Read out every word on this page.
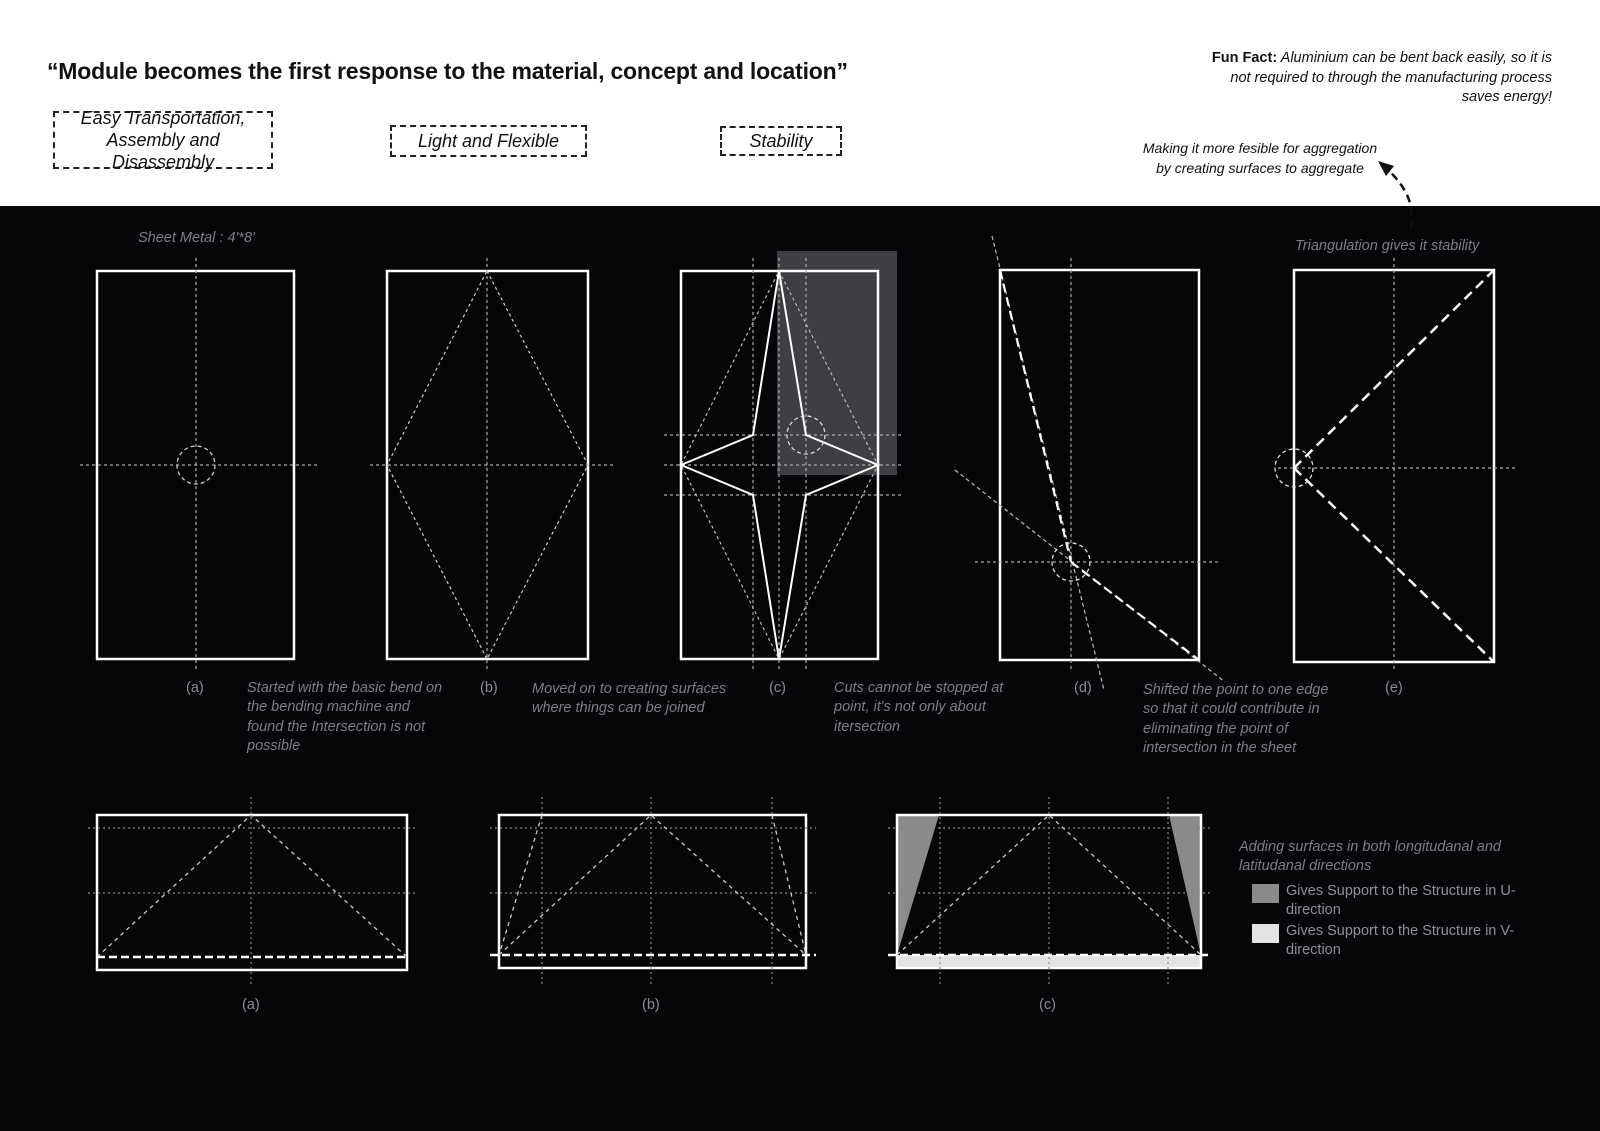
“Module becomes the first response to the material, concept and location”
Easy Transportation, Assembly and Disassembly
Light and Flexible	Stability

Fun Fact: Aluminium can be bent back easily, so it is not required to through the manufacturing process saves energy!

Making it more fesible for aggregation by creating surfaces to aggregate

Sheet Metal : 4'*8'	Triangulation gives it stability
(a)	(b)	(c)	(d)	(e)

Started with the basic bend on the bending machine and found the Intersection is not possible

Moved on to creating surfaces where things can be joined

Cuts cannot be stopped at point, it's not only about itersection

Shifted the point to one edge so that it could contribute in eliminating the point of intersection in the sheet

(a)	(b)	(c)

Adding surfaces in both longitudanal and latitudanal directions

Gives Support to the Structure in U- direction
Gives Support to the Structure in V- direction
